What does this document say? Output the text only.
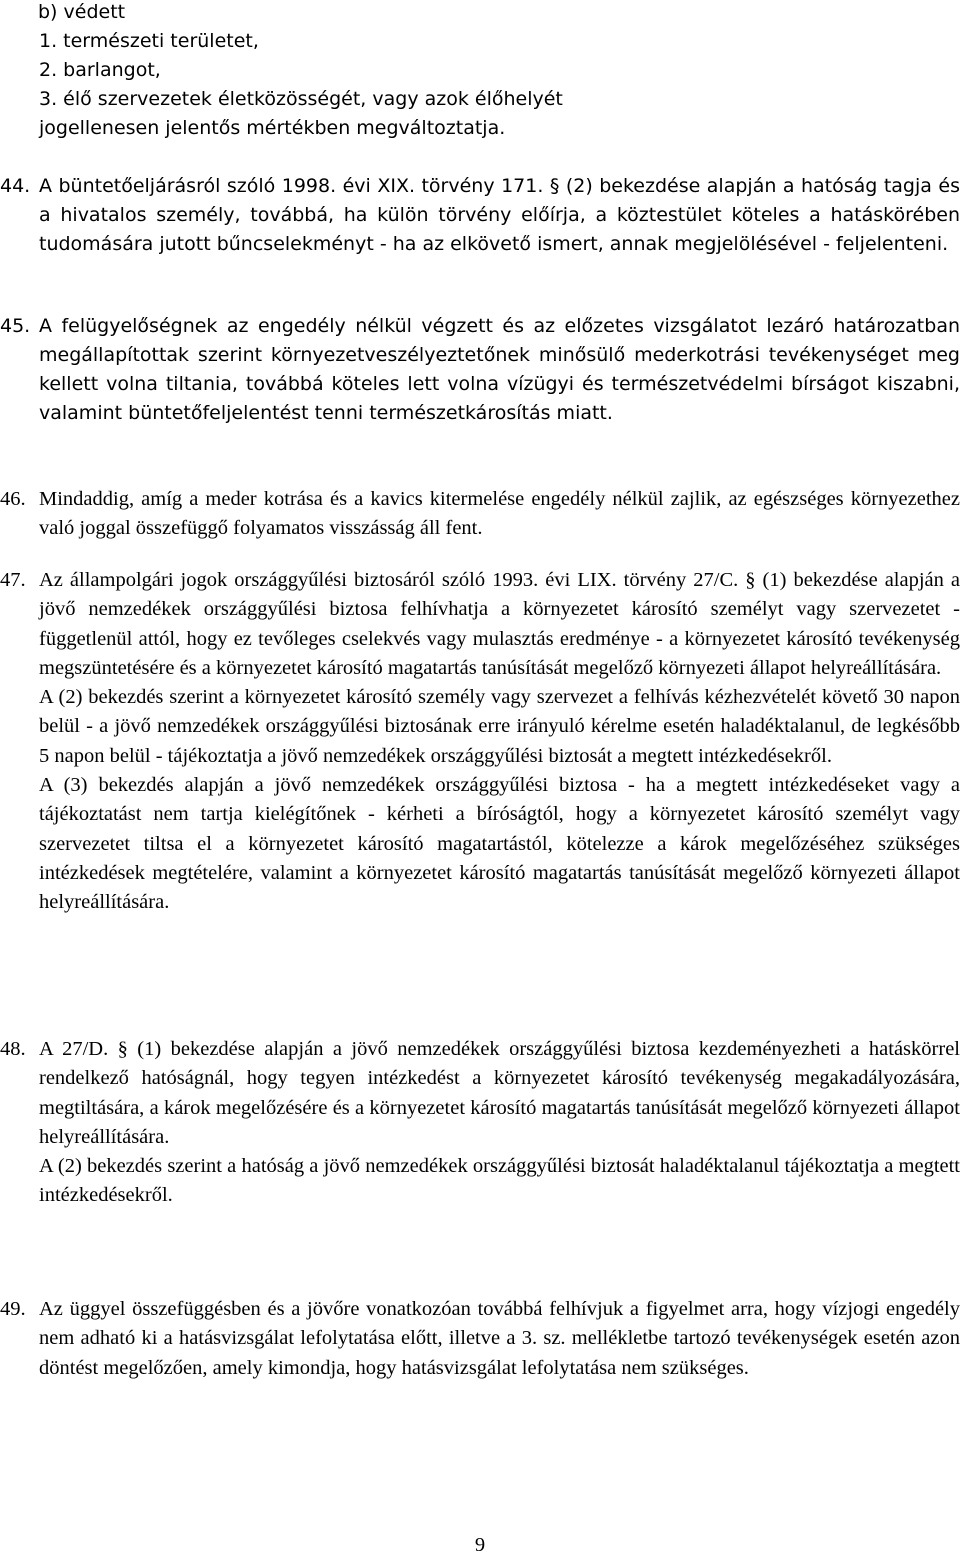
b) védett
1. természeti területet,
2. barlangot,
3. élő szervezetek életközösségét, vagy azok élőhelyét
jogellenesen jelentős mértékben megváltoztatja.
44. A büntetőeljárásról szóló 1998. évi XIX. törvény 171. § (2) bekezdése alapján a hatóság tagja és a hivatalos személy, továbbá, ha külön törvény előírja, a köztestület köteles a hatáskörében tudomására jutott bűncselekményt - ha az elkövető ismert, annak megjelölésével - feljelenteni.

45. A felügyelőségnek az engedély nélkül végzett és az előzetes vizsgálatot lezáró határozatban megállapítottak szerint környezetveszélyeztetőnek minősülő mederkotrási tevékenységet meg kellett volna tiltania, továbbá köteles lett volna vízügyi és természetvédelmi bírságot kiszabni, valamint büntetőfeljelentést tenni természetkárosítás miatt.

46. Mindaddig, amíg a meder kotrása és a kavics kitermelése engedély nélkül zajlik, az egészséges környezethez való joggal összefüggő folyamatos visszásság áll fent.

47. Az állampolgári jogok országgyűlési biztosáról szóló 1993. évi LIX. törvény 27/C. § (1) bekezdése alapján a jövő nemzedékek országgyűlési biztosa felhívhatja a környezetet károsító személyt vagy szervezetet - függetlenül attól, hogy ez tevőleges cselekvés vagy mulasztás eredménye - a környezetet károsító tevékenység megszüntetésére és a környezetet károsító magatartás tanúsítását megelőző környezeti állapot helyreállítására.

A (2) bekezdés szerint a környezetet károsító személy vagy szervezet a felhívás kézhezvételét követő 30 napon belül - a jövő nemzedékek országgyűlési biztosának erre irányuló kérelme esetén haladéktalanul, de legkésőbb 5 napon belül - tájékoztatja a jövő nemzedékek országgyűlési biztosát a megtett intézkedésekről.

A (3) bekezdés alapján a jövő nemzedékek országgyűlési biztosa - ha a megtett intézkedéseket vagy a tájékoztatást nem tartja kielégítőnek - kérheti a bíróságtól, hogy a környezetet károsító személyt vagy szervezetet tiltsa el a környezetet károsító magatartástól, kötelezze a károk megelőzéséhez szükséges intézkedések megtételére, valamint a környezetet károsító magatartás tanúsítását megelőző környezeti állapot helyreállítására.

48. A 27/D. § (1) bekezdése alapján a jövő nemzedékek országgyűlési biztosa kezdeményezheti a hatáskörrel rendelkező hatóságnál, hogy tegyen intézkedést a környezetet károsító tevékenység megakadályozására, megtiltására, a károk megelőzésére és a környezetet károsító magatartás tanúsítását megelőző környezeti állapot helyreállítására.

A (2) bekezdés szerint a hatóság a jövő nemzedékek országgyűlési biztosát haladéktalanul tájékoztatja a megtett intézkedésekről.

49. Az üggyel összefüggésben és a jövőre vonatkozóan továbbá felhívjuk a figyelmet arra, hogy vízjogi engedély nem adható ki a hatásvizsgálat lefolytatása előtt, illetve a 3. sz. mellékletbe tartozó tevékenységek esetén azon döntést megelőzően, amely kimondja, hogy hatásvizsgálat lefolytatása nem szükséges.

9
